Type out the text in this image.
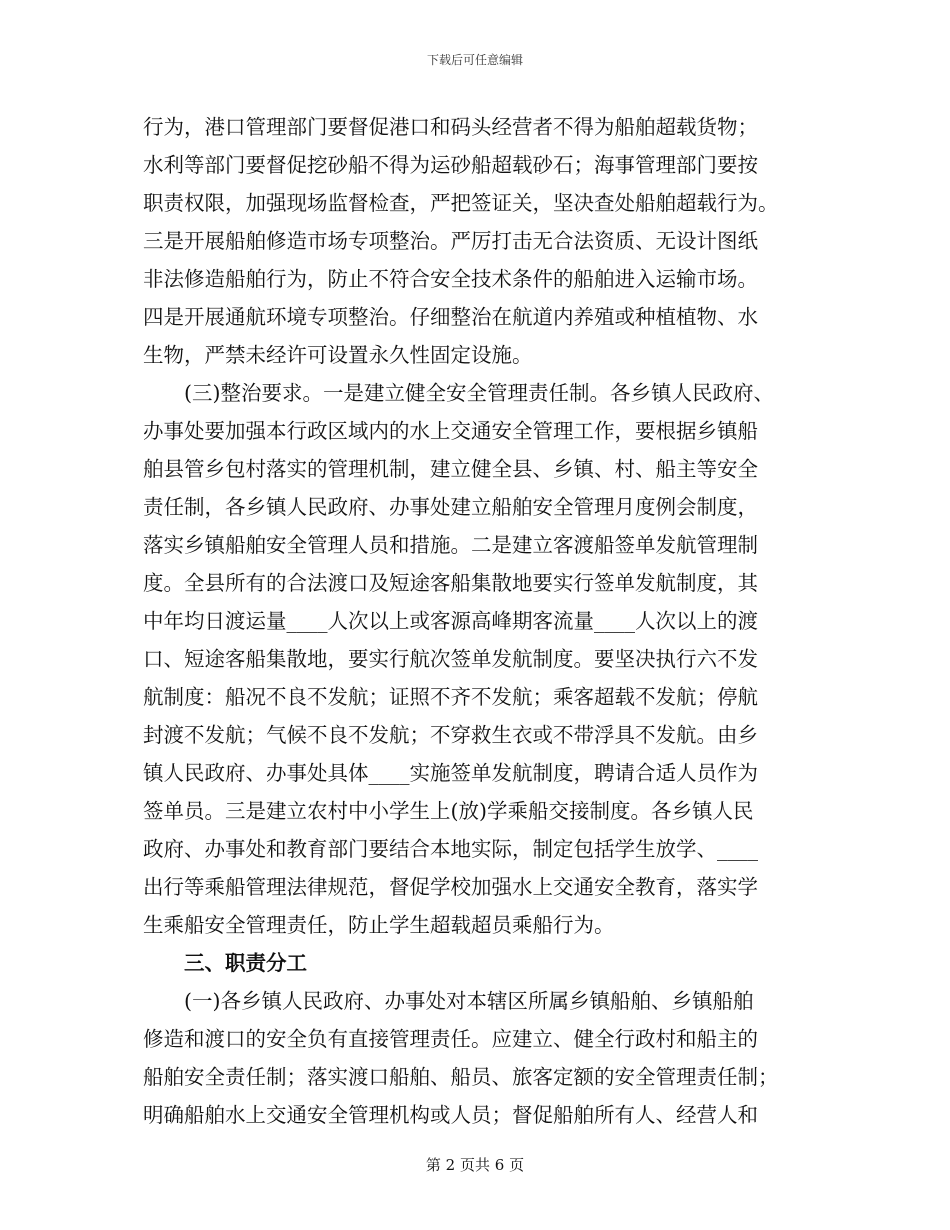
下载后可任意编辑
行为，港口管理部门要督促港口和码头经营者不得为船舶超载货物；
水利等部门要督促挖砂船不得为运砂船超载砂石；海事管理部门要按
职责权限，加强现场监督检查，严把签证关，坚决查处船舶超载行为。
三是开展船舶修造市场专项整治。严厉打击无合法资质、无设计图纸
非法修造船舶行为，防止不符合安全技术条件的船舶进入运输市场。
四是开展通航环境专项整治。仔细整治在航道内养殖或种植植物、水
生物，严禁未经许可设置永久性固定设施。
　　(三)整治要求。一是建立健全安全管理责任制。各乡镇人民政府、
办事处要加强本行政区域内的水上交通安全管理工作，要根据乡镇船
舶县管乡包村落实的管理机制，建立健全县、乡镇、村、船主等安全
责任制，各乡镇人民政府、办事处建立船舶安全管理月度例会制度，
落实乡镇船舶安全管理人员和措施。二是建立客渡船签单发航管理制
度。全县所有的合法渡口及短途客船集散地要实行签单发航制度，其
中年均日渡运量____人次以上或客源高峰期客流量____人次以上的渡
口、短途客船集散地，要实行航次签单发航制度。要坚决执行六不发
航制度：船况不良不发航；证照不齐不发航；乘客超载不发航；停航
封渡不发航；气候不良不发航；不穿救生衣或不带浮具不发航。由乡
镇人民政府、办事处具体____实施签单发航制度，聘请合适人员作为
签单员。三是建立农村中小学生上(放)学乘船交接制度。各乡镇人民
政府、办事处和教育部门要结合本地实际，制定包括学生放学、____
出行等乘船管理法律规范，督促学校加强水上交通安全教育，落实学
生乘船安全管理责任，防止学生超载超员乘船行为。
　　三、职责分工
　　(一)各乡镇人民政府、办事处对本辖区所属乡镇船舶、乡镇船舶
修造和渡口的安全负有直接管理责任。应建立、健全行政村和船主的
船舶安全责任制；落实渡口船舶、船员、旅客定额的安全管理责任制；
明确船舶水上交通安全管理机构或人员；督促船舶所有人、经营人和
第 2 页共 6 页
